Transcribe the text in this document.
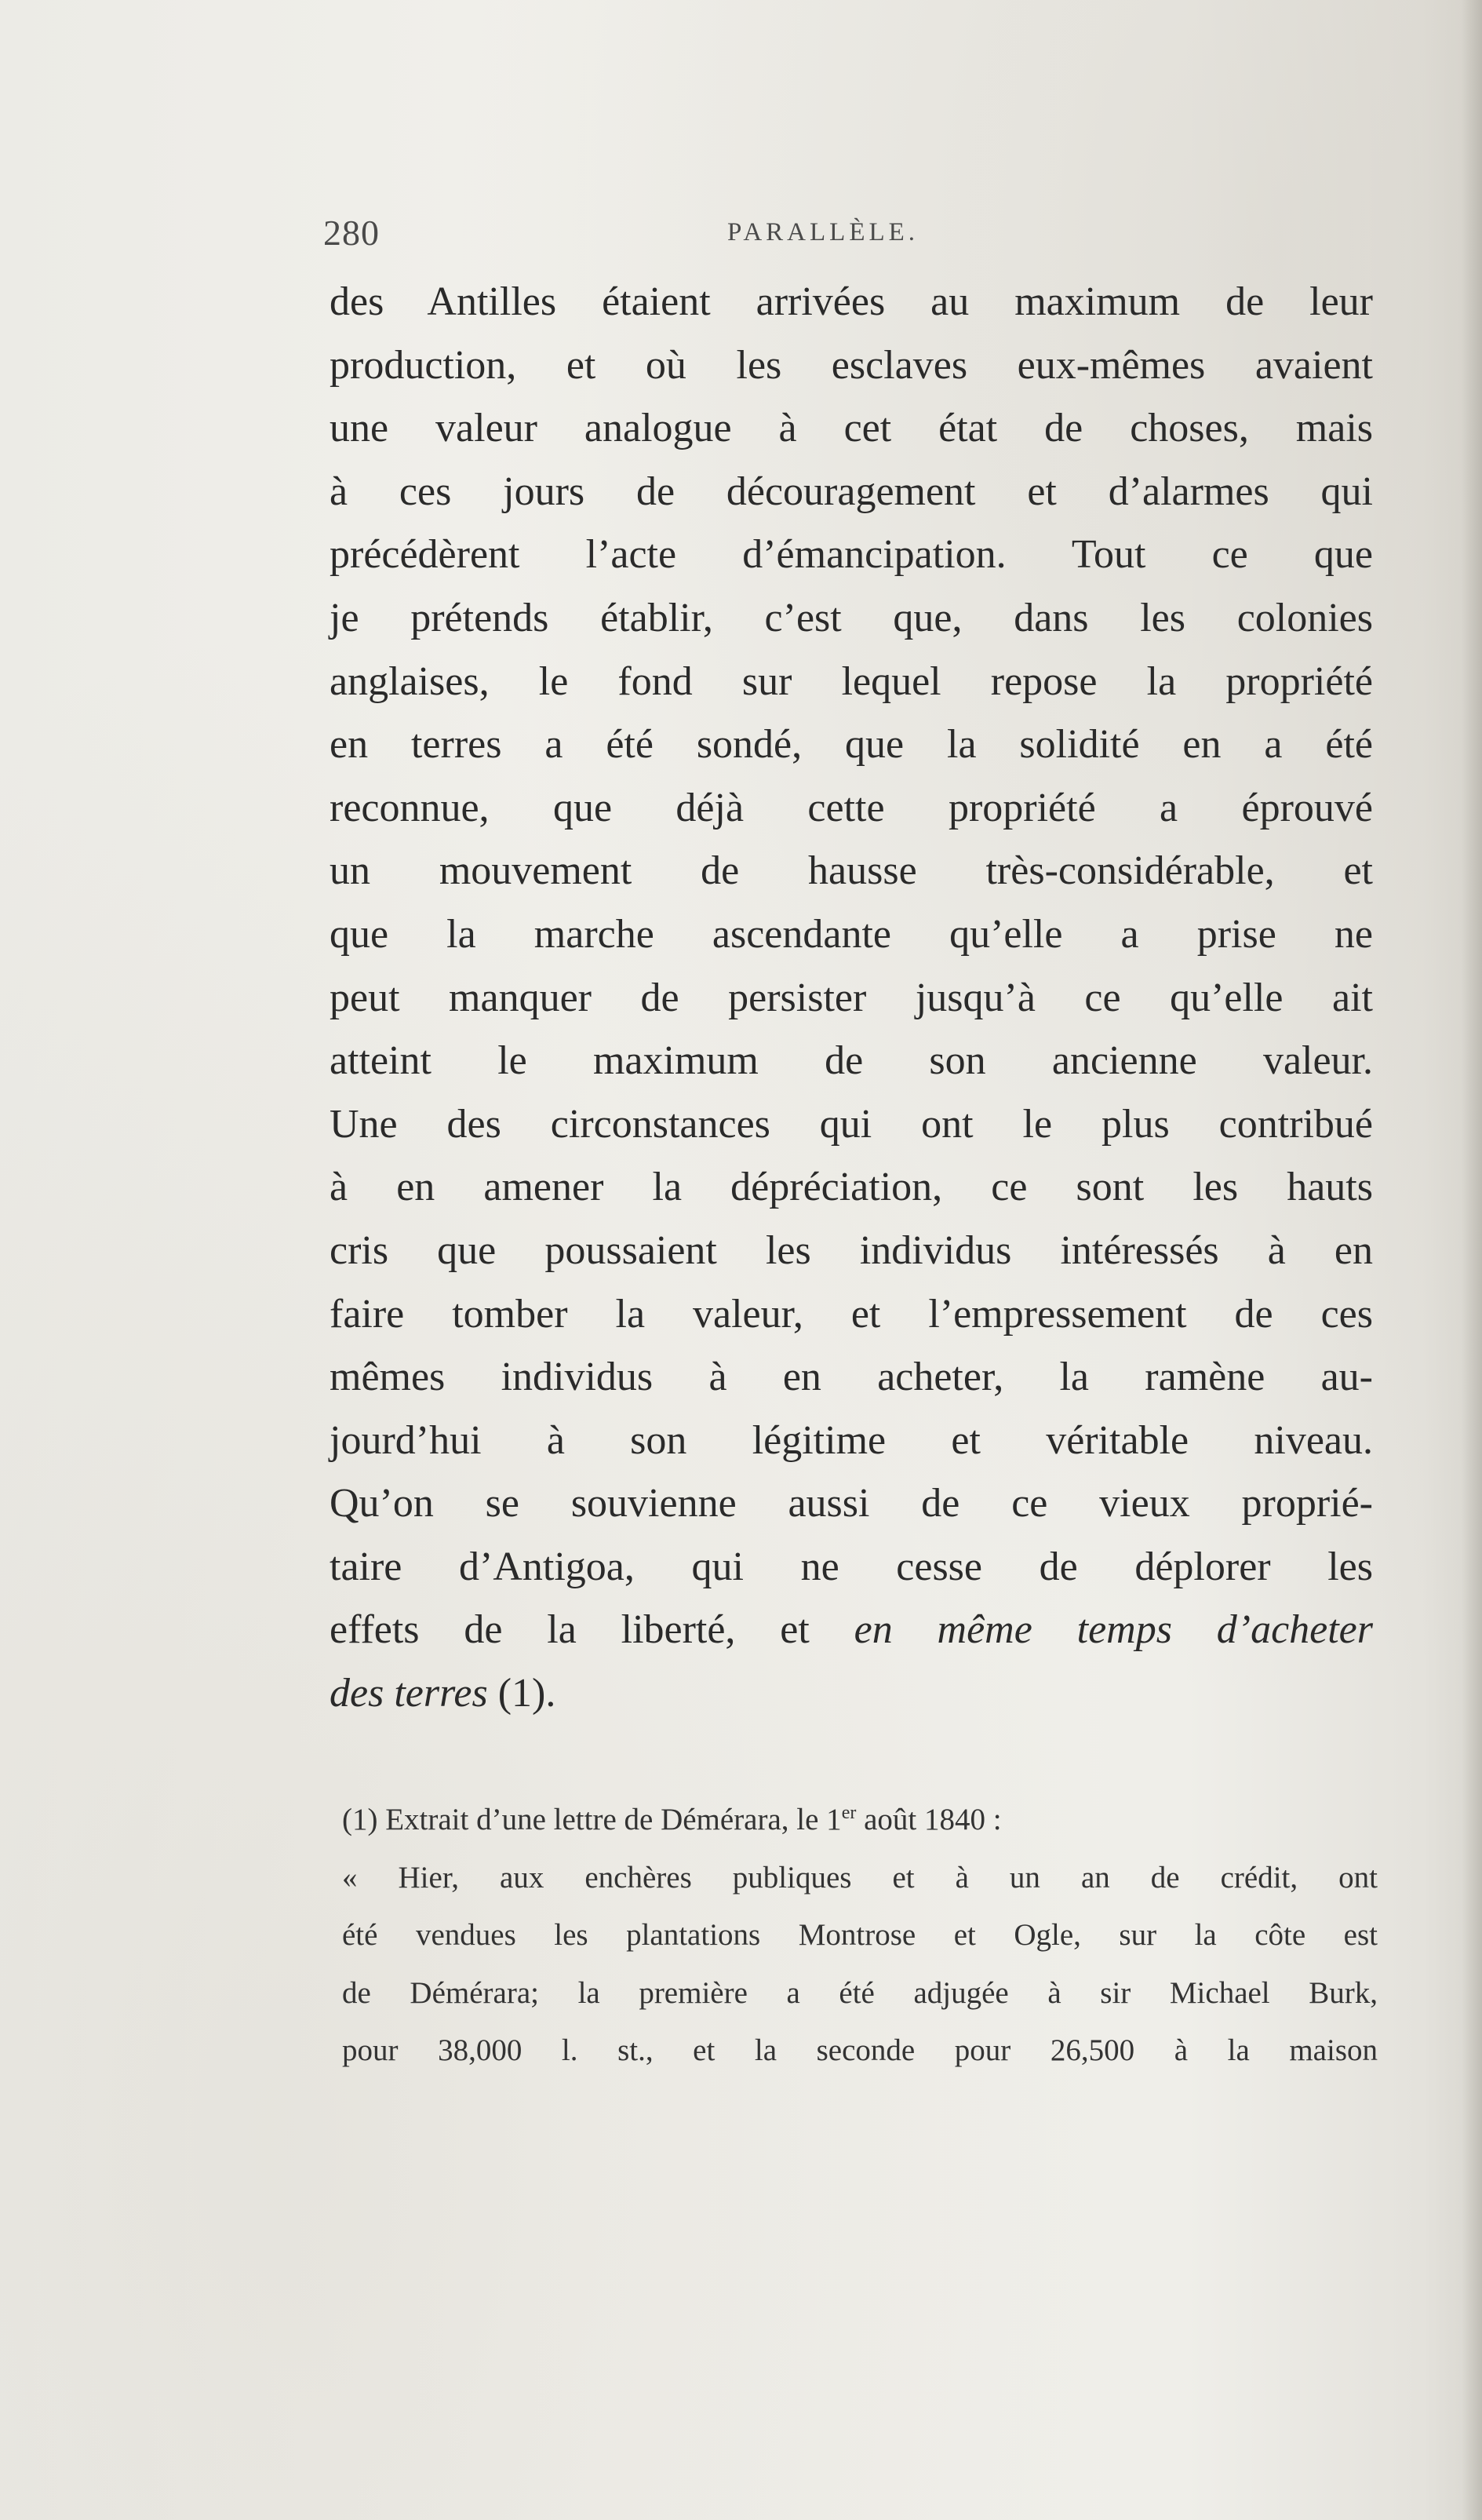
280	PARALLÈLE.
des Antilles étaient arrivées au maximum de leur
production, et où les esclaves eux-mêmes avaient
une valeur analogue à cet état de choses, mais
à ces jours de découragement et d’alarmes qui
précédèrent l’acte d’émancipation. Tout ce que
je prétends établir, c’est que, dans les colonies
anglaises, le fond sur lequel repose la propriété
en terres a été sondé, que la solidité en a été
reconnue, que déjà cette propriété a éprouvé
un mouvement de hausse très-considérable, et
que la marche ascendante qu’elle a prise ne
peut manquer de persister jusqu’à ce qu’elle ait
atteint le maximum de son ancienne valeur.
Une des circonstances qui ont le plus contribué
à en amener la dépréciation, ce sont les hauts
cris que poussaient les individus intéressés à en
faire tomber la valeur, et l’empressement de ces
mêmes individus à en acheter, la ramène au-
jourd’hui à son légitime et véritable niveau.
Qu’on se souvienne aussi de ce vieux proprié-
taire d’Antigoa, qui ne cesse de déplorer les
effets de la liberté, et en même temps d’acheter
des terres (1).
(1) Extrait d’une lettre de Démérara, le 1er août 1840 :
« Hier, aux enchères publiques et à un an de crédit, ont
été vendues les plantations Montrose et Ogle, sur la côte est
de Démérara; la première a été adjugée à sir Michael Burk,
pour 38,000 l. st., et la seconde pour 26,500 à la maison
